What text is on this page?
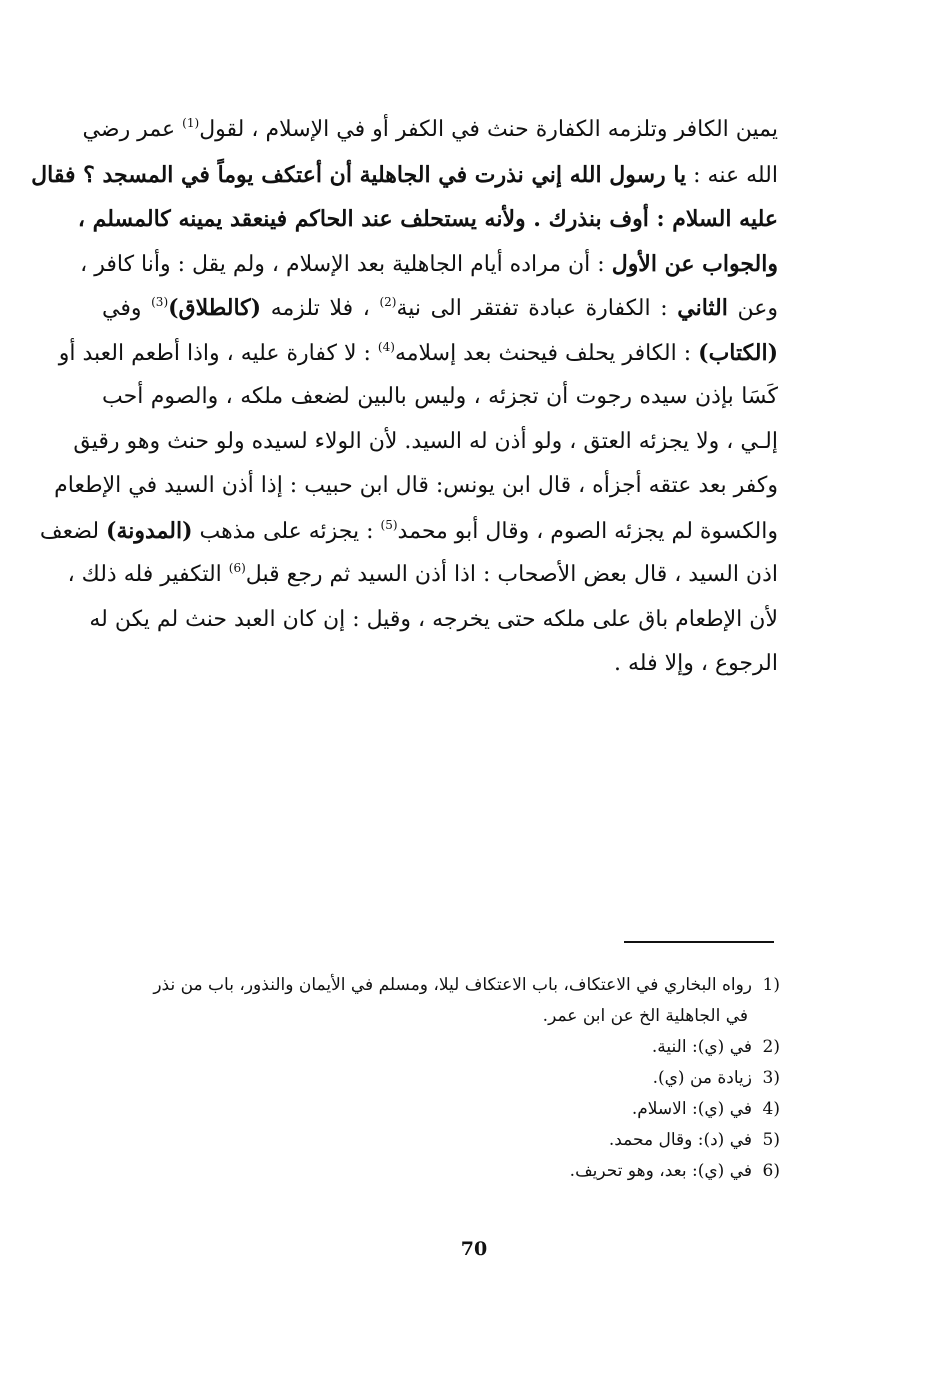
يمين الكافر وتلزمه الكفارة حنث في الكفر أو في الإسلام ، لقول$^{(1)}$ عمر رضي
الله عنه : يا رسول الله إني نذرت في الجاهلية أن أعتكف يوماً في المسجد ؟ فقال
عليه السلام : أوف بنذرك . ولأنه يستحلف عند الحاكم فينعقد يمينه كالمسلم ،
والجواب عن الأول : أن مراده أيام الجاهلية بعد الإسلام ، ولم يقل : وأنا كافر ،
وعن الثاني : الكفارة عبادة تفتقر الى نية$^{(2)}$ ، فلا تلزمه (كالطلاق)$^{(3)}$ وفي
(الكتاب) : الكافر يحلف فيحنث بعد إسلامه$^{(4)}$ : لا كفارة عليه ، واذا أطعم العبد أو
كَسَا بإذن سيده رجوت أن تجزئه ، وليس بالبين لضعف ملكه ، والصوم أحب
إلـي ، ولا يجزئه العتق ، ولو أذن له السيد. لأن الولاء لسيده ولو حنث وهو رقيق
وكفر بعد عتقه أجزأه ، قال ابن يونس: قال ابن حبيب : إذا أذن السيد في الإطعام
والكسوة لم يجزئه الصوم ، وقال أبو محمد$^{(5)}$ : يجزئه على مذهب (المدونة) لضعف
اذن السيد ، قال بعض الأصحاب : اذا أذن السيد ثم رجع قبل$^{(6)}$ التكفير فله ذلك ،
لأن الإطعام باق على ملكه حتى يخرجه ، وقيل : إن كان العبد حنث لم يكن له
الرجوع ، وإلا فله .
1)
رواه البخاري في الاعتكاف، باب الاعتكاف ليلا، ومسلم في الأيمان والنذور، باب من نذر
في الجاهلية الخ عن ابن عمر.
2)
في (ي): النية.
3)
زيادة من (ي).
4)
في (ي): الاسلام.
5)
في (د): وقال محمد.
6)
في (ي): بعد، وهو تحريف.
70
